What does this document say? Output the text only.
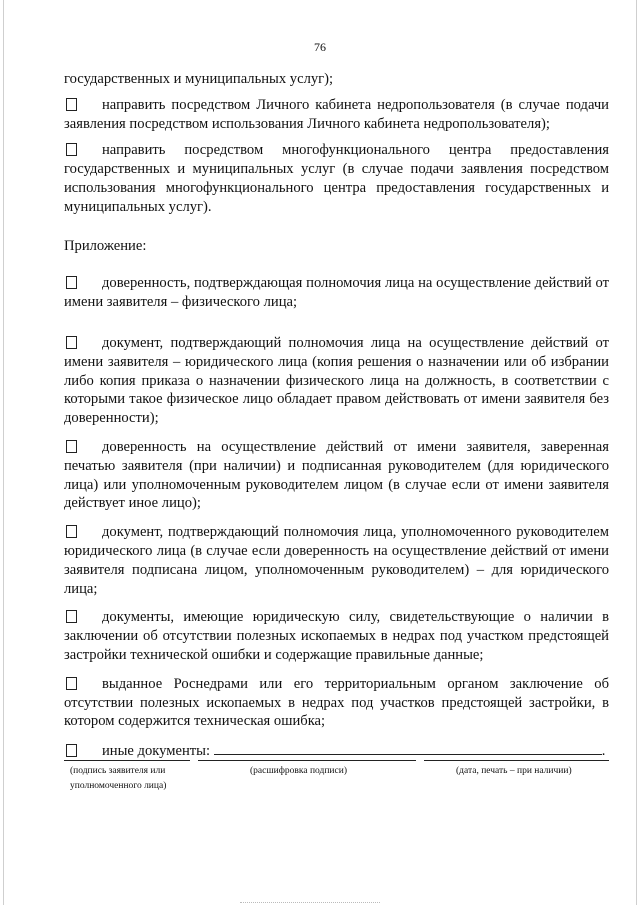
76

государственных и муниципальных услуг);

направить посредством Личного кабинета недропользователя (в случае подачи заявления посредством использования Личного кабинета недропользователя);

направить посредством многофункционального центра предоставления государственных и муниципальных услуг (в случае подачи заявления посредством использования многофункционального центра предоставления государственных и муниципальных услуг).

Приложение:

доверенность, подтверждающая полномочия лица на осуществление действий от имени заявителя – физического лица;

документ, подтверждающий полномочия лица на осуществление действий от имени заявителя – юридического лица (копия решения о назначении или об избрании либо копия приказа о назначении физического лица на должность, в соответствии с которыми такое физическое лицо обладает правом действовать от имени заявителя без доверенности);

доверенность на осуществление действий от имени заявителя, заверенная печатью заявителя (при наличии) и подписанная руководителем (для юридического лица) или уполномоченным руководителем лицом (в случае если от имени заявителя действует иное лицо);

документ, подтверждающий полномочия лица, уполномоченного руководителем юридического лица (в случае если доверенность на осуществление действий от имени заявителя подписана лицом, уполномоченным руководителем) – для юридического лица;

документы, имеющие юридическую силу, свидетельствующие о наличии в заключении об отсутствии полезных ископаемых в недрах под участком предстоящей застройки технической ошибки и содержащие правильные данные;

выданное Роснедрами или его территориальным органом заключение об отсутствии полезных ископаемых в недрах под участков предстоящей застройки, в котором содержится техническая ошибка;

иные документы:	.

(подпись заявителя или уполномоченного лица)
(расшифровка подписи)	(дата, печать – при наличии)
